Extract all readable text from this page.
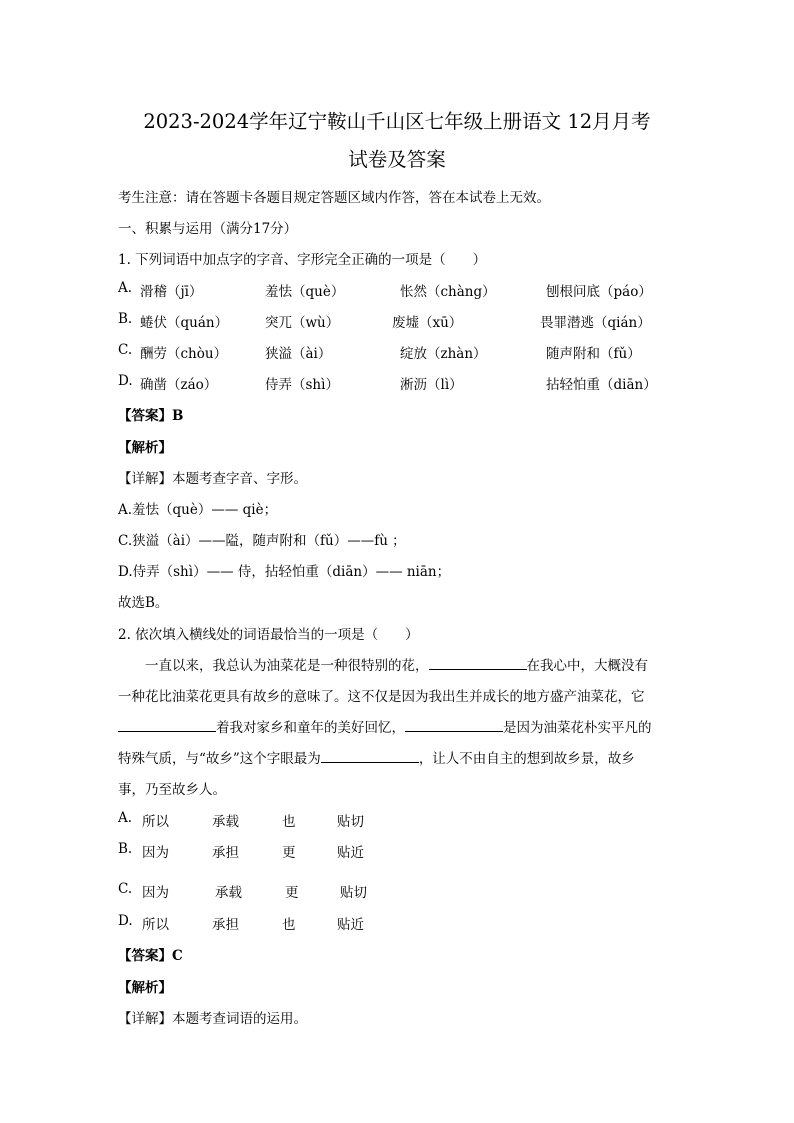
2023-2024学年辽宁鞍山千山区七年级上册语文 12月月考
试卷及答案
考生注意：请在答题卡各题目规定答题区域内作答，答在本试卷上无效。
一、积累与运用（满分17分）
1. 下列词语中加点字的字音、字形完全正确的一项是（　　）
A. 滑稽（jī）	羞怯（què）	怅然（chàng）	刨根问底（páo）
B. 蜷伏（quán）	突兀（wù）	废墟（xū）	畏罪潜逃（qián）
C. 酬劳（chòu）	狭溢（ài）	绽放（zhàn）	随声附和（fǔ）
D. 确凿（záo）	侍弄（shì）	淅沥（lì）	拈轻怕重（diān）
【答案】B
【解析】
【详解】本题考查字音、字形。
A.羞怯（què）—— qiè；
C.狭溢（ài）——隘，随声附和（fǔ）——fù ；
D.侍弄（shì）—— 侍，拈轻怕重（diān）—— niān；
故选B。
2. 依次填入横线处的词语最恰当的一项是（　　）
　　一直以来，我总认为油菜花是一种很特别的花，	在我心中，大概没有
一种花比油菜花更具有故乡的意味了。这不仅是因为我出生并成长的地方盛产油菜花，它
着我对家乡和童年的美好回忆，	是因为油菜花朴实平凡的
特殊气质，与“故乡”这个字眼最为	，让人不由自主的想到故乡景，故乡
事，乃至故乡人。
A. 所以	承载	也	贴切
B. 因为	承担	更	贴近
C. 因为	承载	更	贴切
D. 所以	承担	也	贴近
【答案】C
【解析】
【详解】本题考查词语的运用。
